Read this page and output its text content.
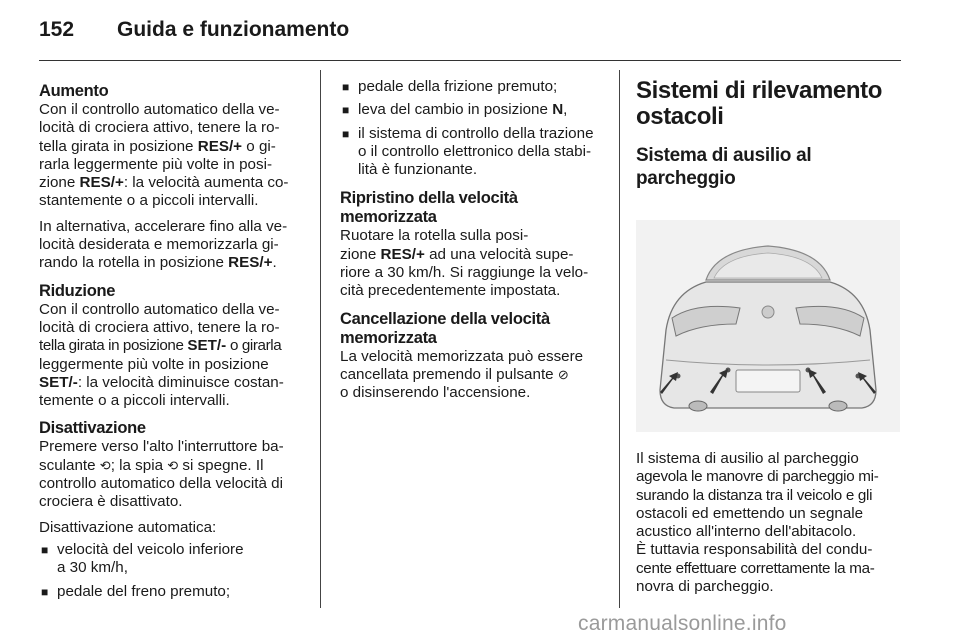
152 Guida e funzionamento
Aumento

Con il controllo automatico della ve-
locità di crociera attivo, tenere la ro-
tella girata in posizione RES/+ o gi-
rarla leggermente più volte in posi-
zione RES/+: la velocità aumenta co-
stantemente o a piccoli intervalli.

In alternativa, accelerare fino alla ve-
locità desiderata e memorizzarla gi-
rando la rotella in posizione RES/+.

Riduzione

Con il controllo automatico della ve-
locità di crociera attivo, tenere la ro-
tella girata in posizione SET/- o girarla
leggermente più volte in posizione
SET/-: la velocità diminuisce costan-
temente o a piccoli intervalli.

Disattivazione

Premere verso l'alto l'interruttore ba-
sculante ⟲; la spia ⟲ si spegne. Il
controllo automatico della velocità di
crociera è disattivato.

Disattivazione automatica:

■ velocità del veicolo inferiore
a 30 km/h,
■ pedale del freno premuto;
■ pedale della frizione premuto;
■ leva del cambio in posizione N,
■ il sistema di controllo della trazione
o il controllo elettronico della stabi-
lità è funzionante.
Ripristino della velocità
memorizzata

Ruotare la rotella sulla posi-
zione RES/+ ad una velocità supe-
riore a 30 km/h. Si raggiunge la velo-
cità precedentemente impostata.

Cancellazione della velocità
memorizzata

La velocità memorizzata può essere
cancellata premendo il pulsante ⊘
o disinserendo l'accensione.

Sistemi di rilevamento
ostacoli
Sistema di ausilio al
parcheggio

Il sistema di ausilio al parcheggio
agevola le manovre di parcheggio mi-
surando la distanza tra il veicolo e gli
ostacoli ed emettendo un segnale
acustico all'interno dell'abitacolo.

È tuttavia responsabilità del condu-
cente effettuare correttamente la ma-
novra di parcheggio.

carmanualsonline.info
